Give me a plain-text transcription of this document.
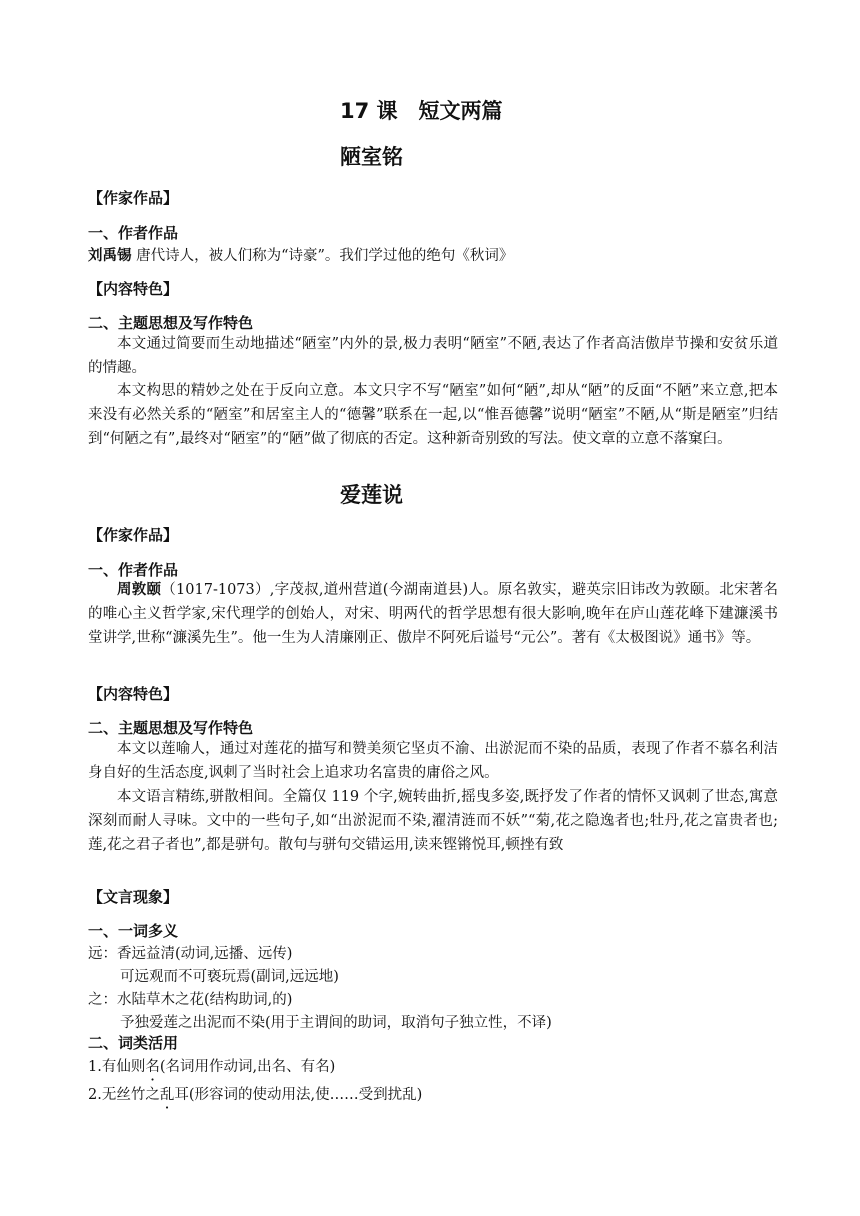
17 课　短文两篇
陋室铭
【作家作品】
一、作者作品
刘禹锡 唐代诗人，被人们称为“诗豪”。我们学过他的绝句《秋词》
【内容特色】
二、主题思想及写作特色
本文通过简要而生动地描述“陋室”内外的景,极力表明“陋室”不陋,表达了作者高洁傲岸节操和安贫乐道的情趣。
本文构思的精妙之处在于反向立意。本文只字不写“陋室”如何“陋”,却从“陋”的反面“不陋”来立意,把本来没有必然关系的“陋室”和居室主人的“德馨”联系在一起,以“惟吾德馨”说明“陋室”不陋,从“斯是陋室”归结到“何陋之有”,最终对“陋室”的“陋”做了彻底的否定。这种新奇别致的写法。使文章的立意不落窠臼。
爱莲说
【作家作品】
一、作者作品
周敦颐（1017-1073）,字茂叔,道州营道(今湖南道县)人。原名敦实，避英宗旧讳改为敦颐。北宋著名的唯心主义哲学家,宋代理学的创始人，对宋、明两代的哲学思想有很大影响,晚年在庐山莲花峰下建濂溪书堂讲学,世称“濂溪先生”。他一生为人清廉刚正、傲岸不阿死后谥号“元公”。著有《太极图说》通书》等。
【内容特色】
二、主题思想及写作特色
本文以莲喻人，通过对莲花的描写和赞美须它坚贞不渝、出淤泥而不染的品质，表现了作者不慕名利洁身自好的生活态度,讽刺了当时社会上追求功名富贵的庸俗之风。
本文语言精练,骈散相间。全篇仅 119 个字,婉转曲折,摇曳多姿,既抒发了作者的情怀又讽刺了世态,寓意深刻而耐人寻味。文中的一些句子,如“出淤泥而不染,濯清涟而不妖”“菊,花之隐逸者也;牡丹,花之富贵者也;莲,花之君子者也”,都是骈句。散句与骈句交错运用,读来铿锵悦耳,顿挫有致
【文言现象】
一、一词多义
远：香远益清(动词,远播、远传)
可远观而不可亵玩焉(副词,远远地)
之：水陆草木之花(结构助词,的)
予独爱莲之出泥而不染(用于主谓间的助词，取消句子独立性，不译)
二、词类活用
1.有仙则名(名词用作动词,出名、有名)
2.无丝竹之乱耳(形容词的使动用法,使……受到扰乱)
